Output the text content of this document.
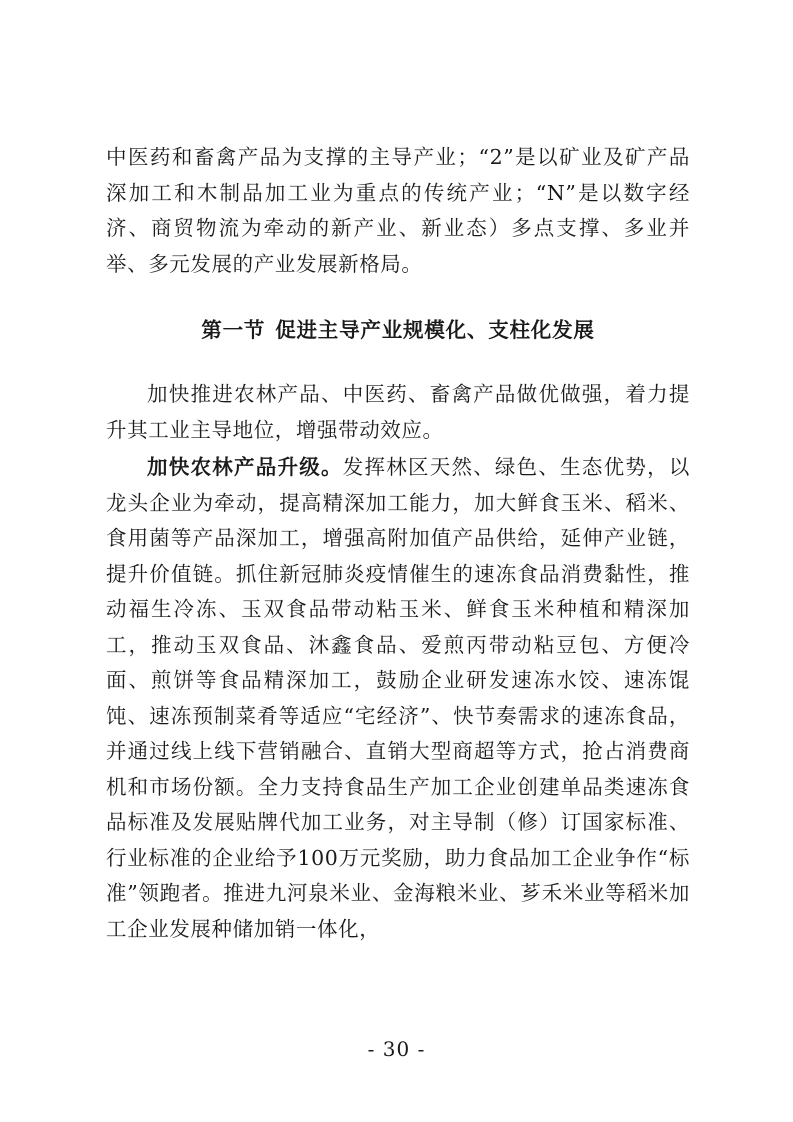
中医药和畜禽产品为支撑的主导产业；“2”是以矿业及矿产品深加工和木制品加工业为重点的传统产业；“N”是以数字经济、商贸物流为牵动的新产业、新业态）多点支撑、多业并举、多元发展的产业发展新格局。

第一节 促进主导产业规模化、支柱化发展

加快推进农林产品、中医药、畜禽产品做优做强，着力提升其工业主导地位，增强带动效应。

加快农林产品升级。发挥林区天然、绿色、生态优势，以龙头企业为牵动，提高精深加工能力，加大鲜食玉米、稻米、食用菌等产品深加工，增强高附加值产品供给，延伸产业链，提升价值链。抓住新冠肺炎疫情催生的速冻食品消费黏性，推动福生冷冻、玉双食品带动粘玉米、鲜食玉米种植和精深加工，推动玉双食品、沐鑫食品、爱煎丙带动粘豆包、方便冷面、煎饼等食品精深加工，鼓励企业研发速冻水饺、速冻馄饨、速冻预制菜肴等适应“宅经济”、快节奏需求的速冻食品，并通过线上线下营销融合、直销大型商超等方式，抢占消费商机和市场份额。全力支持食品生产加工企业创建单品类速冻食品标准及发展贴牌代加工业务，对主导制（修）订国家标准、行业标准的企业给予100万元奖励，助力食品加工企业争作“标准”领跑者。推进九河泉米业、金海粮米业、芗禾米业等稻米加工企业发展种储加销一体化，

- 30 -
